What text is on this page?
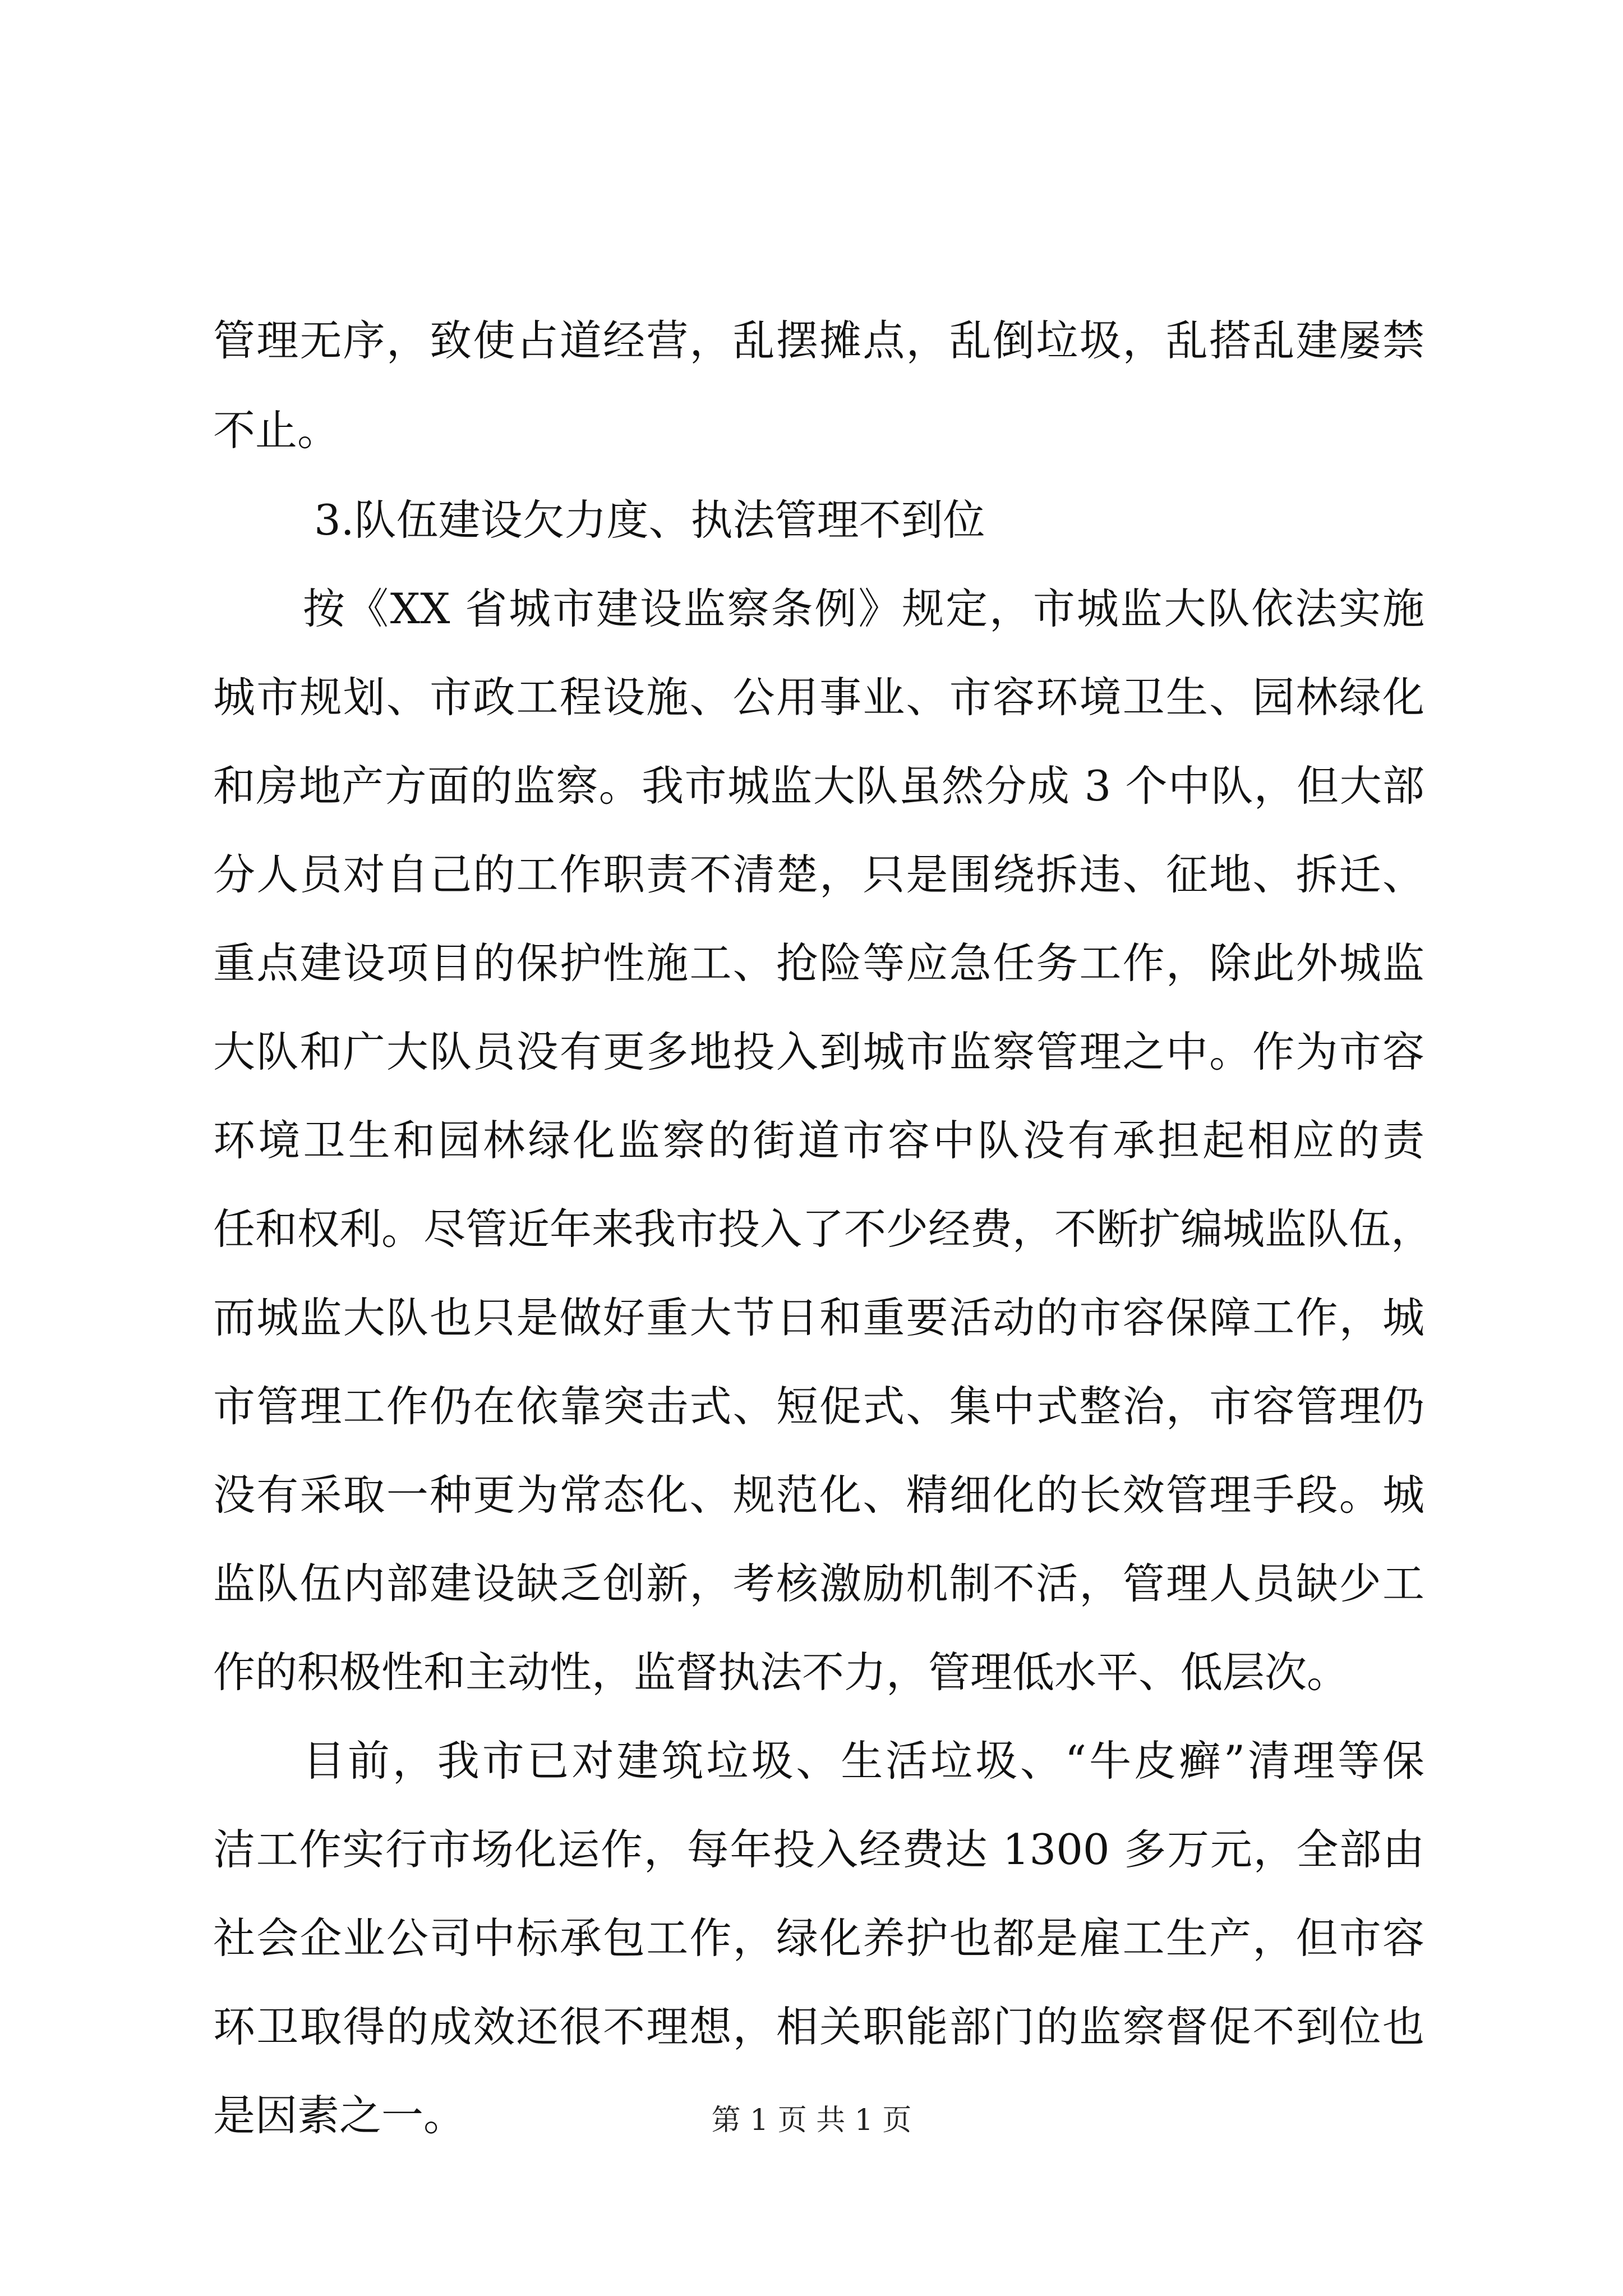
管理无序，致使占道经营，乱摆摊点，乱倒垃圾，乱搭乱建屡禁
不止。
3.队伍建设欠力度、执法管理不到位
按《XX 省城市建设监察条例》规定，市城监大队依法实施
城市规划、市政工程设施、公用事业、市容环境卫生、园林绿化
和房地产方面的监察。我市城监大队虽然分成 3 个中队，但大部
分人员对自己的工作职责不清楚，只是围绕拆违、征地、拆迁、
重点建设项目的保护性施工、抢险等应急任务工作，除此外城监
大队和广大队员没有更多地投入到城市监察管理之中。作为市容
环境卫生和园林绿化监察的街道市容中队没有承担起相应的责
任和权利。尽管近年来我市投入了不少经费，不断扩编城监队伍，
而城监大队也只是做好重大节日和重要活动的市容保障工作，城
市管理工作仍在依靠突击式、短促式、集中式整治，市容管理仍
没有采取一种更为常态化、规范化、精细化的长效管理手段。城
监队伍内部建设缺乏创新，考核激励机制不活，管理人员缺少工
作的积极性和主动性，监督执法不力，管理低水平、低层次。
目前，我市已对建筑垃圾、生活垃圾、“牛皮癣”清理等保
洁工作实行市场化运作，每年投入经费达 1300 多万元，全部由
社会企业公司中标承包工作，绿化养护也都是雇工生产，但市容
环卫取得的成效还很不理想，相关职能部门的监察督促不到位也
是因素之一。	第 1 页 共 1 页
